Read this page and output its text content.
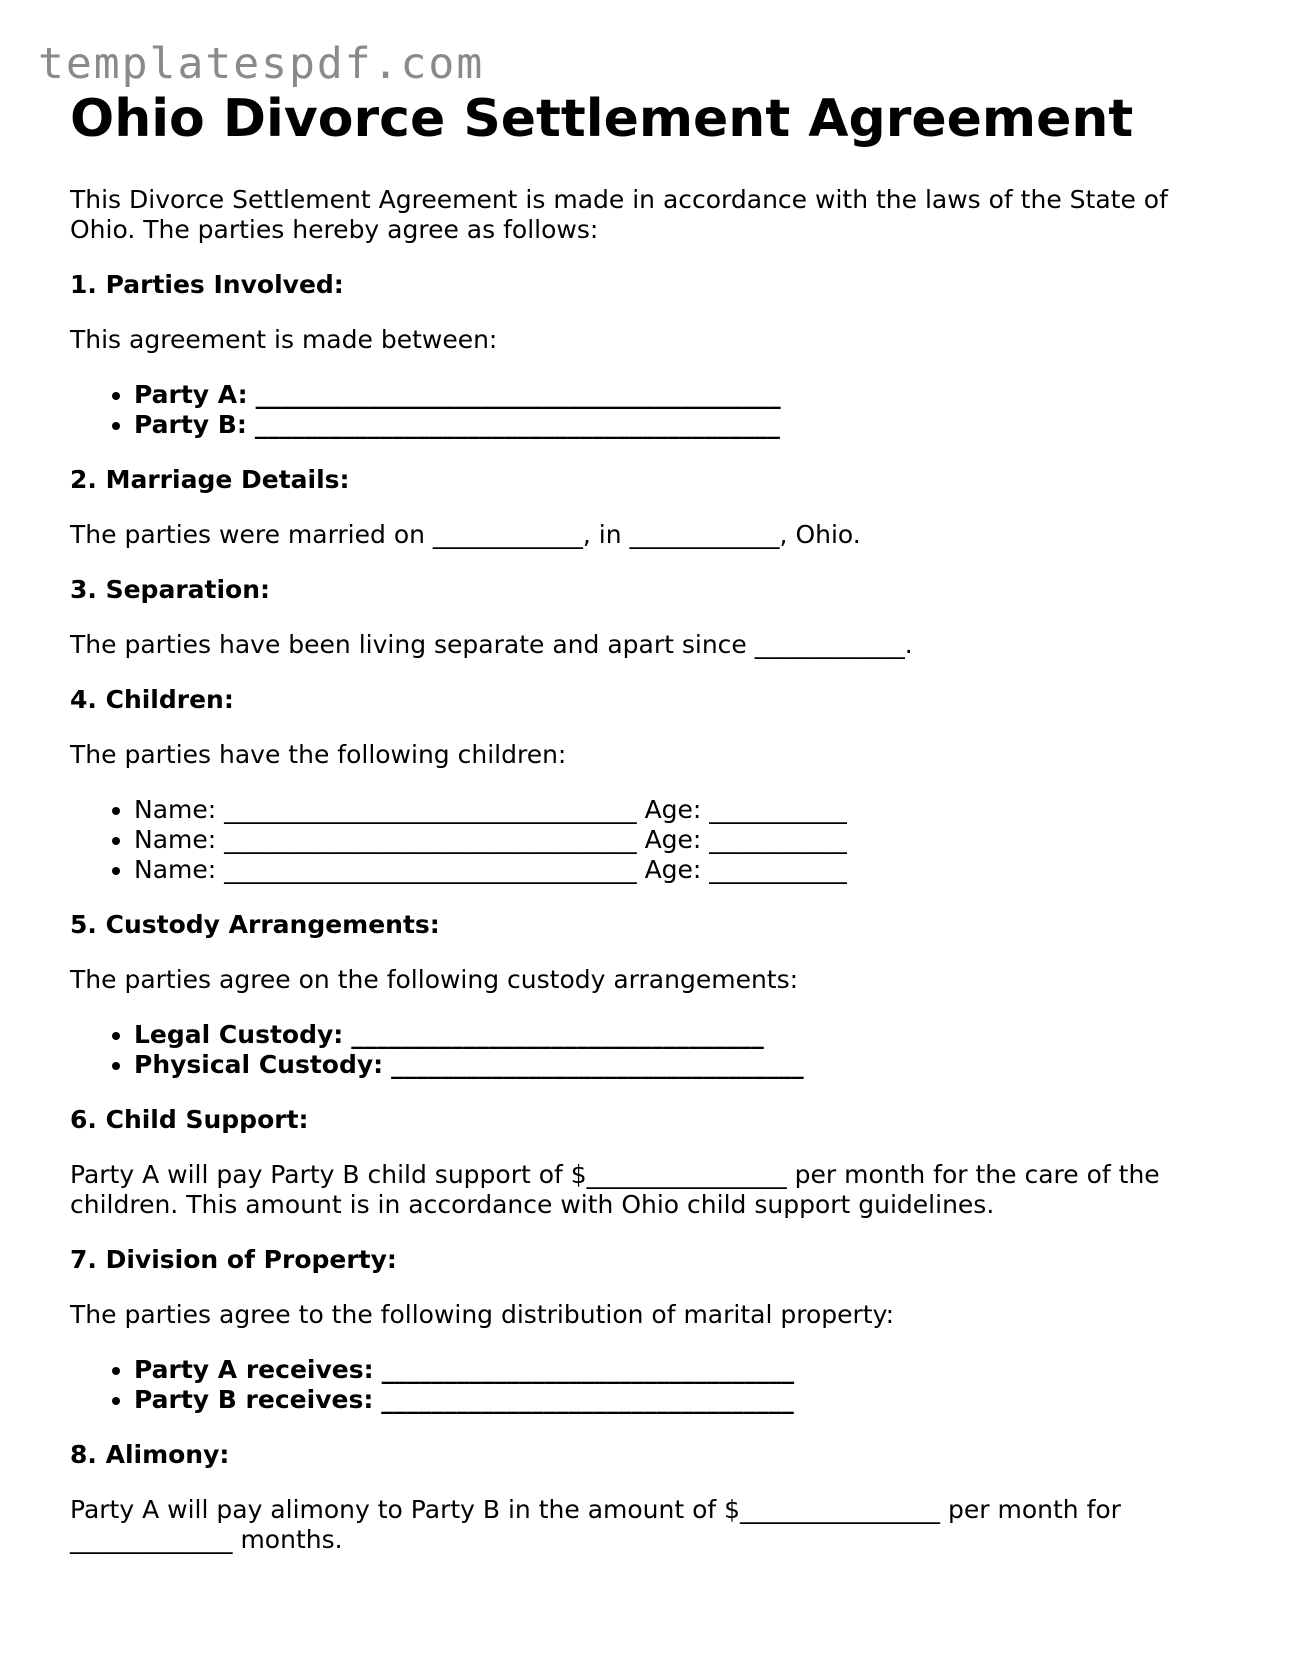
templatespdf.com
Ohio Divorce Settlement Agreement

This Divorce Settlement Agreement is made in accordance with the laws of the State of Ohio. The parties hereby agree as follows:

1. Parties Involved:

This agreement is made between:

• Party A: __________________________________________
• Party B: __________________________________________

2. Marriage Details:

The parties were married on ____________, in ____________, Ohio.

3. Separation:

The parties have been living separate and apart since ____________.

4. Children:

The parties have the following children:

• Name: _________________________________ Age: ___________
• Name: _________________________________ Age: ___________
• Name: _________________________________ Age: ___________

5. Custody Arrangements:

The parties agree on the following custody arrangements:

• Legal Custody: _________________________________
• Physical Custody: _________________________________

6. Child Support:

Party A will pay Party B child support of $________________ per month for the care of the children. This amount is in accordance with Ohio child support guidelines.

7. Division of Property:

The parties agree to the following distribution of marital property:

• Party A receives: _________________________________
• Party B receives: _________________________________

8. Alimony:

Party A will pay alimony to Party B in the amount of $________________ per month for _____________ months.
